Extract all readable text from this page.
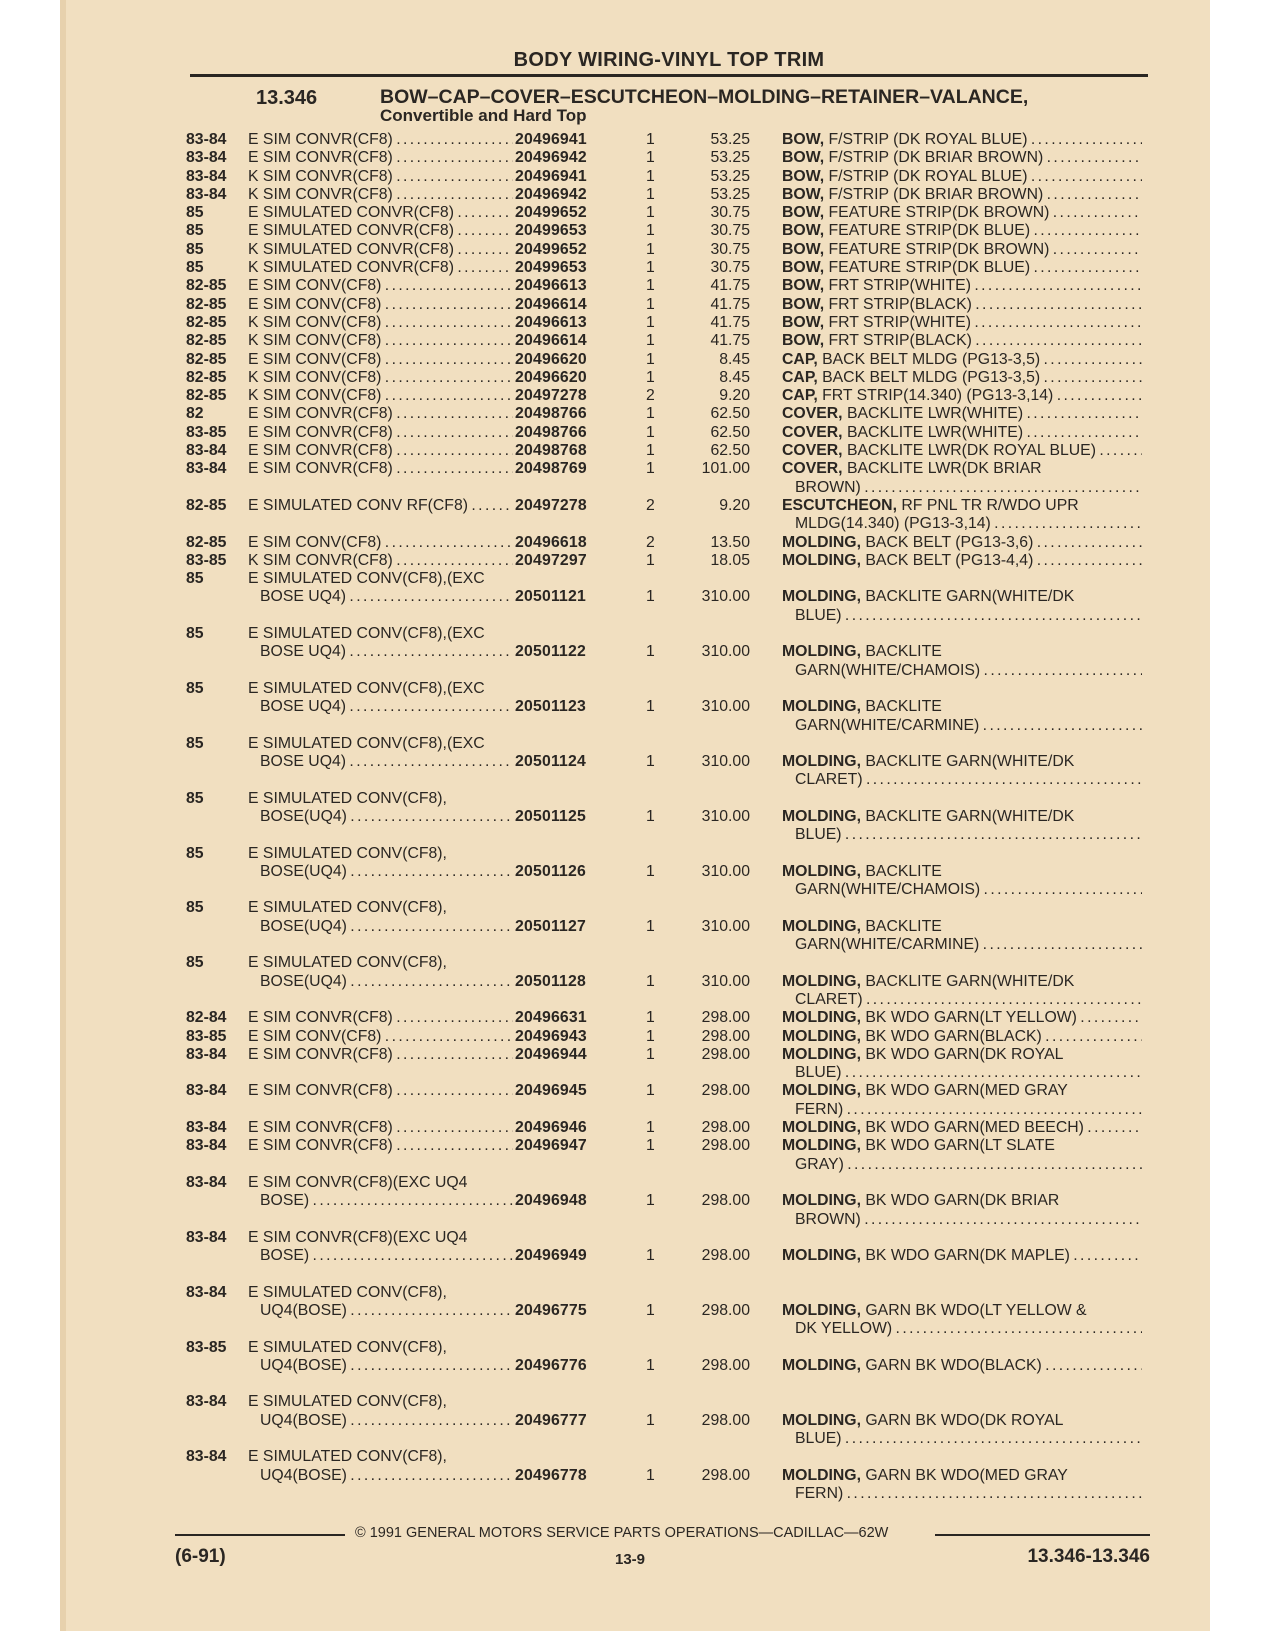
BODY WIRING-VINYL TOP TRIM
13.346	BOW–CAP–COVER–ESCUTCHEON–MOLDING–RETAINER–VALANCE,
Convertible and Hard Top
83-84 E SIM CONVR(CF8) . . .	20496941	1	53.25 BOW, F/STRIP (DK ROYAL BLUE) . . .
83-84 E SIM CONVR(CF8) . . .	20496942	1	53.25 BOW, F/STRIP (DK BRIAR BROWN) . . .
83-84 K SIM CONVR(CF8) . . .	20496941	1	53.25 BOW, F/STRIP (DK ROYAL BLUE) . . .
83-84 K SIM CONVR(CF8) . . .	20496942	1	53.25 BOW, F/STRIP (DK BRIAR BROWN) . . .
85	E SIMULATED CONVR(CF8) . . .	20499652	1	30.75 BOW, FEATURE STRIP(DK BROWN) . . .
85	E SIMULATED CONVR(CF8) . . .	20499653	1	30.75 BOW, FEATURE STRIP(DK BLUE) . . .
85	K SIMULATED CONVR(CF8) . . .	20499652	1	30.75 BOW, FEATURE STRIP(DK BROWN) . . .
85	K SIMULATED CONVR(CF8) . . .	20499653	1	30.75 BOW, FEATURE STRIP(DK BLUE) . . .
82-85 E SIM CONV(CF8) . . .	20496613	1	41.75 BOW, FRT STRIP(WHITE) . . .
82-85 E SIM CONV(CF8) . . .	20496614	1	41.75 BOW, FRT STRIP(BLACK) . . .
82-85 K SIM CONV(CF8) . . .	20496613	1	41.75 BOW, FRT STRIP(WHITE) . . .
82-85 K SIM CONV(CF8) . . .	20496614	1	41.75 BOW, FRT STRIP(BLACK) . . .
82-85 E SIM CONV(CF8) . . .	20496620	1	8.45 CAP, BACK BELT MLDG (PG13-3,5) . . .
82-85 K SIM CONV(CF8) . . .	20496620	1	8.45 CAP, BACK BELT MLDG (PG13-3,5) . . .
82-85 K SIM CONV(CF8) . . .	20497278	2	9.20 CAP, FRT STRIP(14.340) (PG13-3,14) . . .
82	E SIM CONVR(CF8) . . .	20498766	1	62.50 COVER, BACKLITE LWR(WHITE) . . .
83-85 E SIM CONVR(CF8) . . .	20498766	1	62.50 COVER, BACKLITE LWR(WHITE) . . .
83-84 E SIM CONVR(CF8) . . .	20498768	1	62.50 COVER, BACKLITE LWR(DK ROYAL BLUE) . . .
83-84 E SIM CONVR(CF8) . . .	20498769	1	101.00 COVER, BACKLITE LWR(DK BRIAR
BROWN) . . .
82-85 E SIMULATED CONV RF(CF8) . . .	20497278	2	9.20 ESCUTCHEON, RF PNL TR R/WDO UPR
MLDG(14.340) (PG13-3,14) . . .
82-85 E SIM CONV(CF8) . . .	20496618	2	13.50 MOLDING, BACK BELT (PG13-3,6) . . .
83-85 K SIM CONVR(CF8) . . .	20497297	1	18.05 MOLDING, BACK BELT (PG13-4,4) . . .
85	E SIMULATED CONV(CF8),(EXC
BOSE UQ4) . . .	20501121	1	310.00 MOLDING, BACKLITE GARN(WHITE/DK
BLUE) . . .
85	E SIMULATED CONV(CF8),(EXC
BOSE UQ4) . . .	20501122	1	310.00 MOLDING, BACKLITE
GARN(WHITE/CHAMOIS) . . .
85	E SIMULATED CONV(CF8),(EXC
BOSE UQ4) . . .	20501123	1	310.00 MOLDING, BACKLITE
GARN(WHITE/CARMINE) . . .
85	E SIMULATED CONV(CF8),(EXC
BOSE UQ4) . . .	20501124	1	310.00 MOLDING, BACKLITE GARN(WHITE/DK
CLARET) . . .
85	E SIMULATED CONV(CF8),
BOSE(UQ4) . . .	20501125	1	310.00 MOLDING, BACKLITE GARN(WHITE/DK
BLUE) . . .
85	E SIMULATED CONV(CF8),
BOSE(UQ4) . . .	20501126	1	310.00 MOLDING, BACKLITE
GARN(WHITE/CHAMOIS) . . .
85	E SIMULATED CONV(CF8),
BOSE(UQ4) . . .	20501127	1	310.00 MOLDING, BACKLITE
GARN(WHITE/CARMINE) . . .
85	E SIMULATED CONV(CF8),
BOSE(UQ4) . . .	20501128	1	310.00 MOLDING, BACKLITE GARN(WHITE/DK
CLARET) . . .
82-84 E SIM CONVR(CF8) . . .	20496631	1	298.00 MOLDING, BK WDO GARN(LT YELLOW) . . .
83-85 E SIM CONV(CF8) . . .	20496943	1	298.00 MOLDING, BK WDO GARN(BLACK) . . .
83-84 E SIM CONVR(CF8) . . .	20496944	1	298.00 MOLDING, BK WDO GARN(DK ROYAL
BLUE) . . .
83-84 E SIM CONVR(CF8) . . .	20496945	1	298.00 MOLDING, BK WDO GARN(MED GRAY
FERN) . . .
83-84 E SIM CONVR(CF8) . . .	20496946	1	298.00 MOLDING, BK WDO GARN(MED BEECH) . . .
83-84 E SIM CONVR(CF8) . . .	20496947	1	298.00 MOLDING, BK WDO GARN(LT SLATE
GRAY) . . .
83-84 E SIM CONVR(CF8)(EXC UQ4
BOSE) . . .	20496948	1	298.00 MOLDING, BK WDO GARN(DK BRIAR
BROWN) . . .
83-84 E SIM CONVR(CF8)(EXC UQ4
BOSE) . . .	20496949	1	298.00 MOLDING, BK WDO GARN(DK MAPLE) . . .
83-84 E SIMULATED CONV(CF8),
UQ4(BOSE) . . .	20496775	1	298.00 MOLDING, GARN BK WDO(LT YELLOW &
DK YELLOW) . . .
83-85 E SIMULATED CONV(CF8),
UQ4(BOSE) . . .	20496776	1	298.00 MOLDING, GARN BK WDO(BLACK) . . .
83-84 E SIMULATED CONV(CF8),
UQ4(BOSE) . . .	20496777	1	298.00 MOLDING, GARN BK WDO(DK ROYAL
BLUE) . . .
83-84 E SIMULATED CONV(CF8),
UQ4(BOSE) . . .	20496778	1	298.00 MOLDING, GARN BK WDO(MED GRAY
FERN) . . .
© 1991 GENERAL MOTORS SERVICE PARTS OPERATIONS—CADILLAC—62W
(6-91)	13-9	13.346-13.346
